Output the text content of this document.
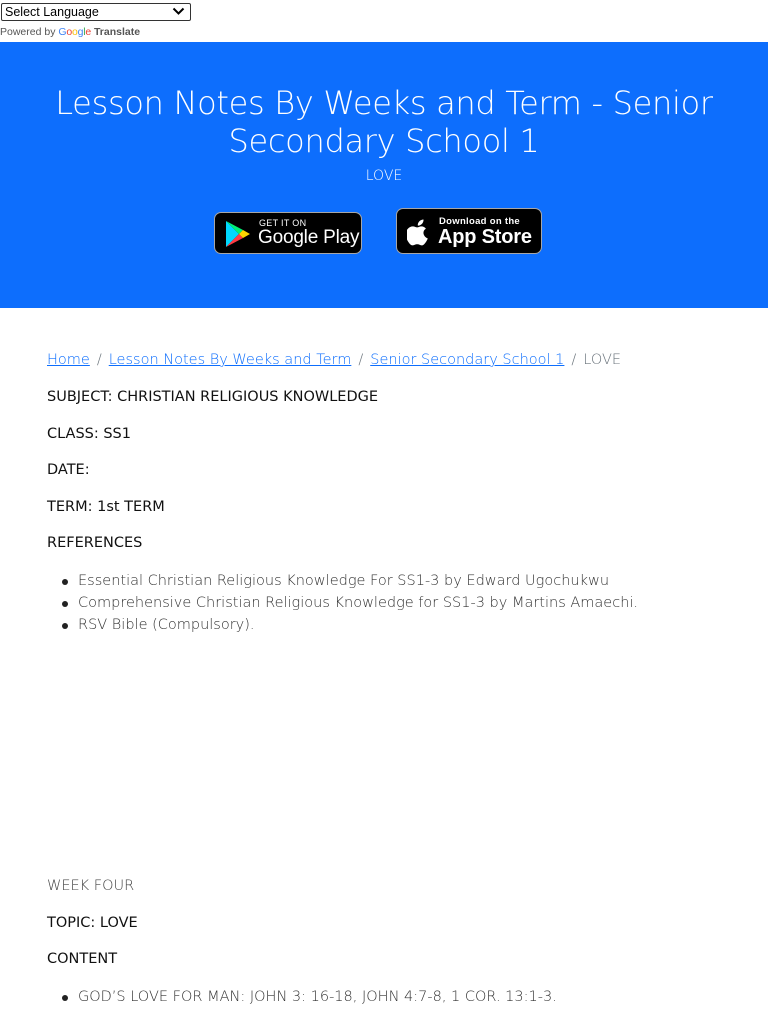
Select Language
Powered by Google Translate
Lesson Notes By Weeks and Term - Senior Secondary School 1
LOVE
GET IT ON
Google Play
Download on the
App Store
Home / Lesson Notes By Weeks and Term / Senior Secondary School 1 / LOVE
SUBJECT: CHRISTIAN RELIGIOUS KNOWLEDGE
CLASS: SS1
DATE:
TERM: 1st TERM
REFERENCES
Essential Christian Religious Knowledge For SS1-3 by Edward Ugochukwu
Comprehensive Christian Religious Knowledge for SS1-3 by Martins Amaechi.
RSV Bible (Compulsory).
WEEK FOUR
TOPIC: LOVE
CONTENT
GOD’S LOVE FOR MAN: JOHN 3: 16-18, JOHN 4:7-8, 1 COR. 13:1-3.
